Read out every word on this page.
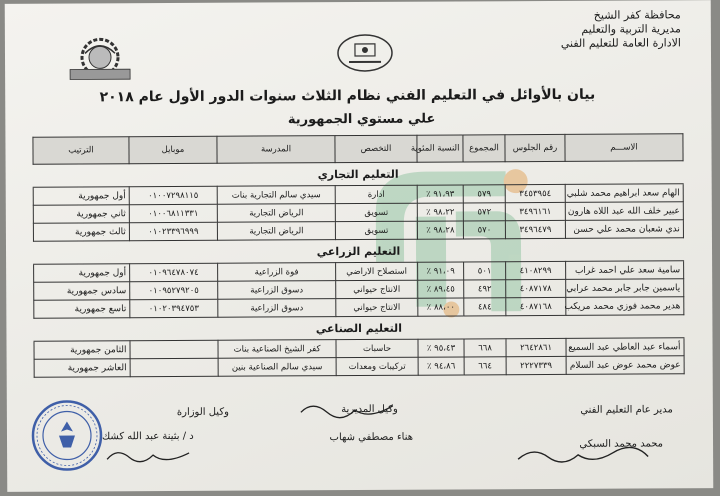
محافظة كفر الشيخ
مديرية التربية والتعليم
الادارة العامة للتعليم الفني
بيان بالأوائل في التعليم الفني نظام الثلاث سنوات الدور الأول عام ٢٠١٨
علي مستوي الجمهورية
الاســـم	رقم الجلوس	المجموع	النسبة المئوية	التخصص	المدرسة	موبايل	الترتيب
التعليم التجاري							
الهام سعد ابراهيم محمد شلبي	٣٤٥٣٩٥٤	٥٧٩	٩١،٩٣ ٪	ادارة	سيدي سالم التجارية بنات	٠١٠٠٧٢٩٨١١٥	أول جمهورية
عبير خلف الله عبد اللاه هارون	٣٤٩٦١٦١	٥٧٢	٩٨،٢٢ ٪	تسويق	الرياض التجارية	٠١٠٠٦٨١١٣٣١	ثاني جمهورية
ندي شعبان محمد علي حسن	٣٤٩٦٤٧٩	٥٧٠	٩٨،٢٨ ٪	تسويق	الرياض التجارية	٠١٠٢٣٣٩٦٩٩٩	ثالث جمهورية
التعليم الزراعي							
سامية سعد علي احمد غراب	٤١٠٨٢٩٩	٥٠١	٩١،٠٩ ٪	استصلاح الاراضي	فوة الزراعية	٠١٠٩٦٤٧٨٠٧٤	أول جمهورية
ياسمين جابر جابر محمد عرابي	٤٠٨٧١٧٨	٤٩٢	٨٩،٤٥ ٪	الانتاج حيواني	دسوق الزراعية	٠١٠٩٥٢٧٩٢٠٥	سادس جمهورية
هدير محمد فوزي محمد مريكب	٤٠٨٧١٦٨	٤٨٤	٨٨،٠٠ ٪	الانتاج حيواني	دسوق الزراعية	٠١٠٢٠٣٩٤٧٥٣	تاسع جمهورية
التعليم الصناعي							
أسماء عبد العاطي عبد السميع	٢٦٤٢٨٦١	٦٦٨	٩٥،٤٣ ٪	حاسبات	كفر الشيخ الصناعية بنات		الثامن جمهورية
عوض محمد عوض عبد السلام	٢٢٢٧٣٣٩	٦٦٤	٩٤،٨٦ ٪	تركيبات ومعدات	سيدي سالم الصناعية بنين		العاشر جمهورية
مدير عام التعليم الفني
محمد محمد السبكي
وكيل المديرية
هناء مصطفي شهاب
وكيل الوزارة
د / بثينة عبد الله كشك
